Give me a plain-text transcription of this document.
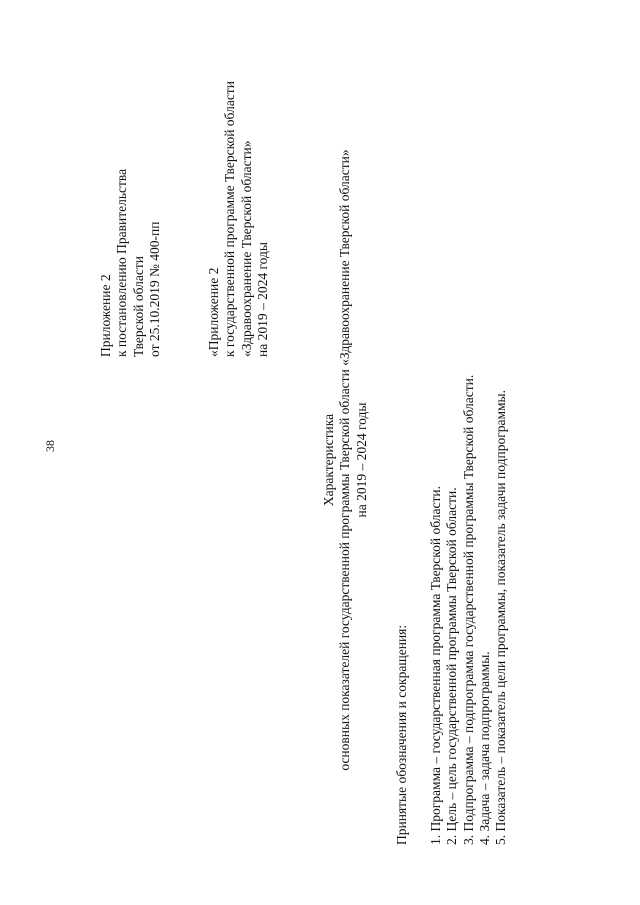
38
Приложение 2 к постановлению Правительства Тверской области от 25.10.2019 № 400-пп	«Приложение 2 к государственной программе Тверской области «Здравоохранение Тверской области» на 2019 – 2024 годы
Характеристика основных показателей государственной программы Тверской области «Здравоохранение Тверской области» на 2019 – 2024 годы
Принятые обозначения и сокращения: 1. Программа – государственная программа Тверской области. 2. Цель – цель государственной программы Тверской области. 3. Подпрограмма – подпрограмма государственной программы Тверской области. 4. Задача – задача подпрограммы. 5. Показатель – показатель цели программы, показатель задачи подпрограммы.
